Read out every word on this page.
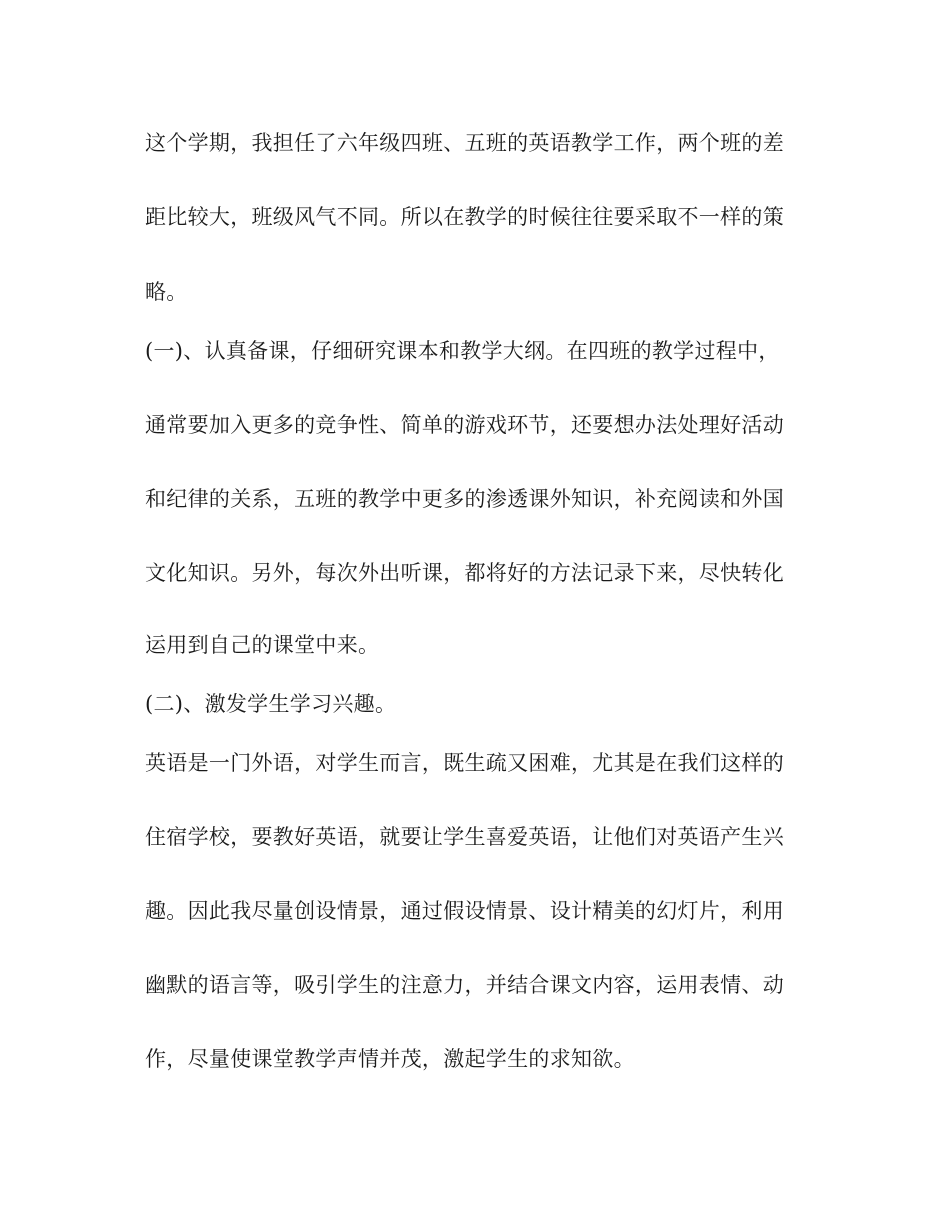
这个学期，我担任了六年级四班、五班的英语教学工作，两个班的差
距比较大，班级风气不同。所以在教学的时候往往要采取不一样的策
略。
(一)、认真备课，仔细研究课本和教学大纲。在四班的教学过程中，
通常要加入更多的竞争性、简单的游戏环节，还要想办法处理好活动
和纪律的关系，五班的教学中更多的渗透课外知识，补充阅读和外国
文化知识。另外，每次外出听课，都将好的方法记录下来，尽快转化
运用到自己的课堂中来。
(二)、激发学生学习兴趣。
英语是一门外语，对学生而言，既生疏又困难，尤其是在我们这样的
住宿学校，要教好英语，就要让学生喜爱英语，让他们对英语产生兴
趣。因此我尽量创设情景，通过假设情景、设计精美的幻灯片，利用
幽默的语言等，吸引学生的注意力，并结合课文内容，运用表情、动
作，尽量使课堂教学声情并茂，激起学生的求知欲。
